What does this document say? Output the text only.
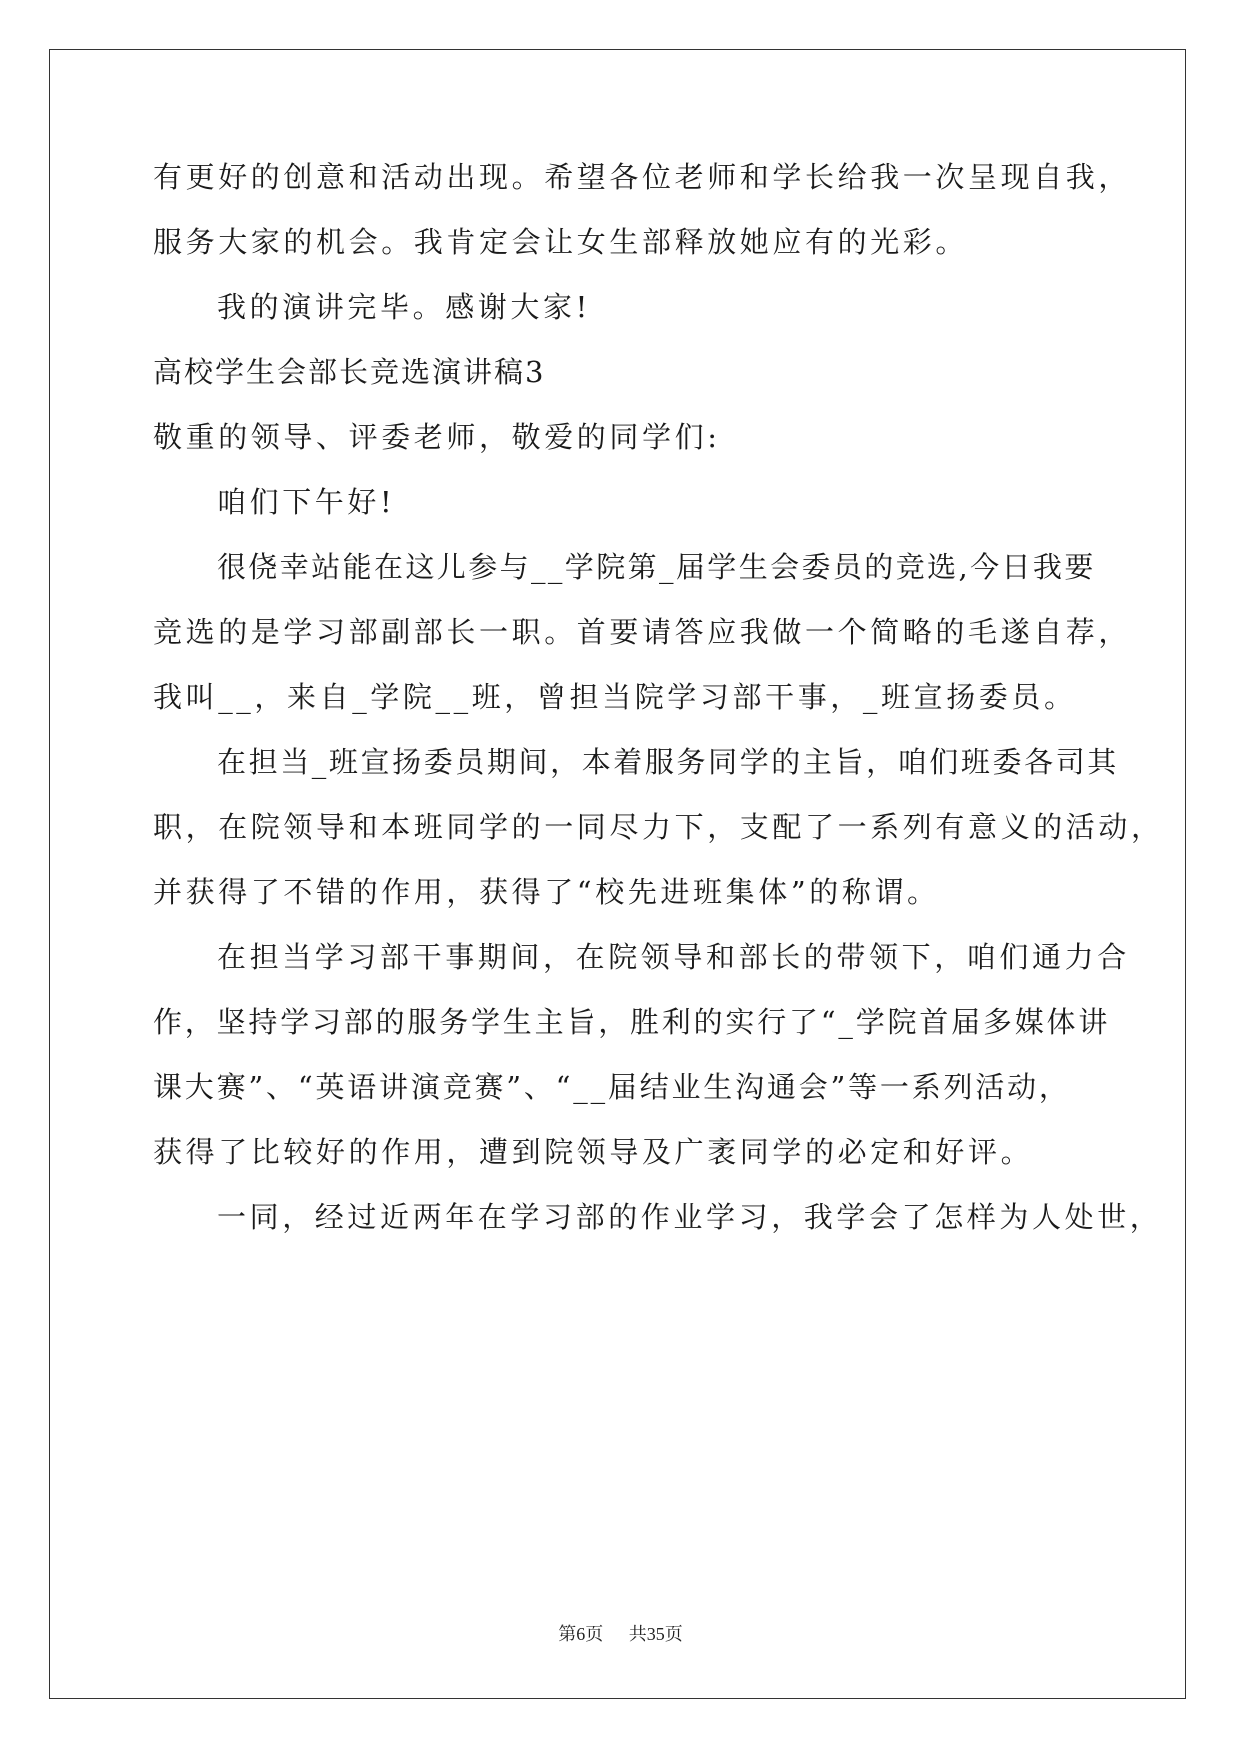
有更好的创意和活动出现。希望各位老师和学长给我一次呈现自我，
服务大家的机会。我肯定会让女生部释放她应有的光彩。
我的演讲完毕。感谢大家!
高校学生会部长竞选演讲稿3
敬重的领导、评委老师，敬爱的同学们:
咱们下午好!
很侥幸站能在这儿参与__学院第_届学生会委员的竞选,今日我要
竞选的是学习部副部长一职。首要请答应我做一个简略的毛遂自荐，
我叫__，来自_学院__班，曾担当院学习部干事，_班宣扬委员。
在担当_班宣扬委员期间，本着服务同学的主旨，咱们班委各司其
职，在院领导和本班同学的一同尽力下，支配了一系列有意义的活动，
并获得了不错的作用，获得了“校先进班集体”的称谓。
在担当学习部干事期间，在院领导和部长的带领下，咱们通力合
作，坚持学习部的服务学生主旨，胜利的实行了“_学院首届多媒体讲
课大赛”、“英语讲演竞赛”、“__届结业生沟通会”等一系列活动，
获得了比较好的作用，遭到院领导及广袤同学的必定和好评。
一同，经过近两年在学习部的作业学习，我学会了怎样为人处世，
第6页 共35页
